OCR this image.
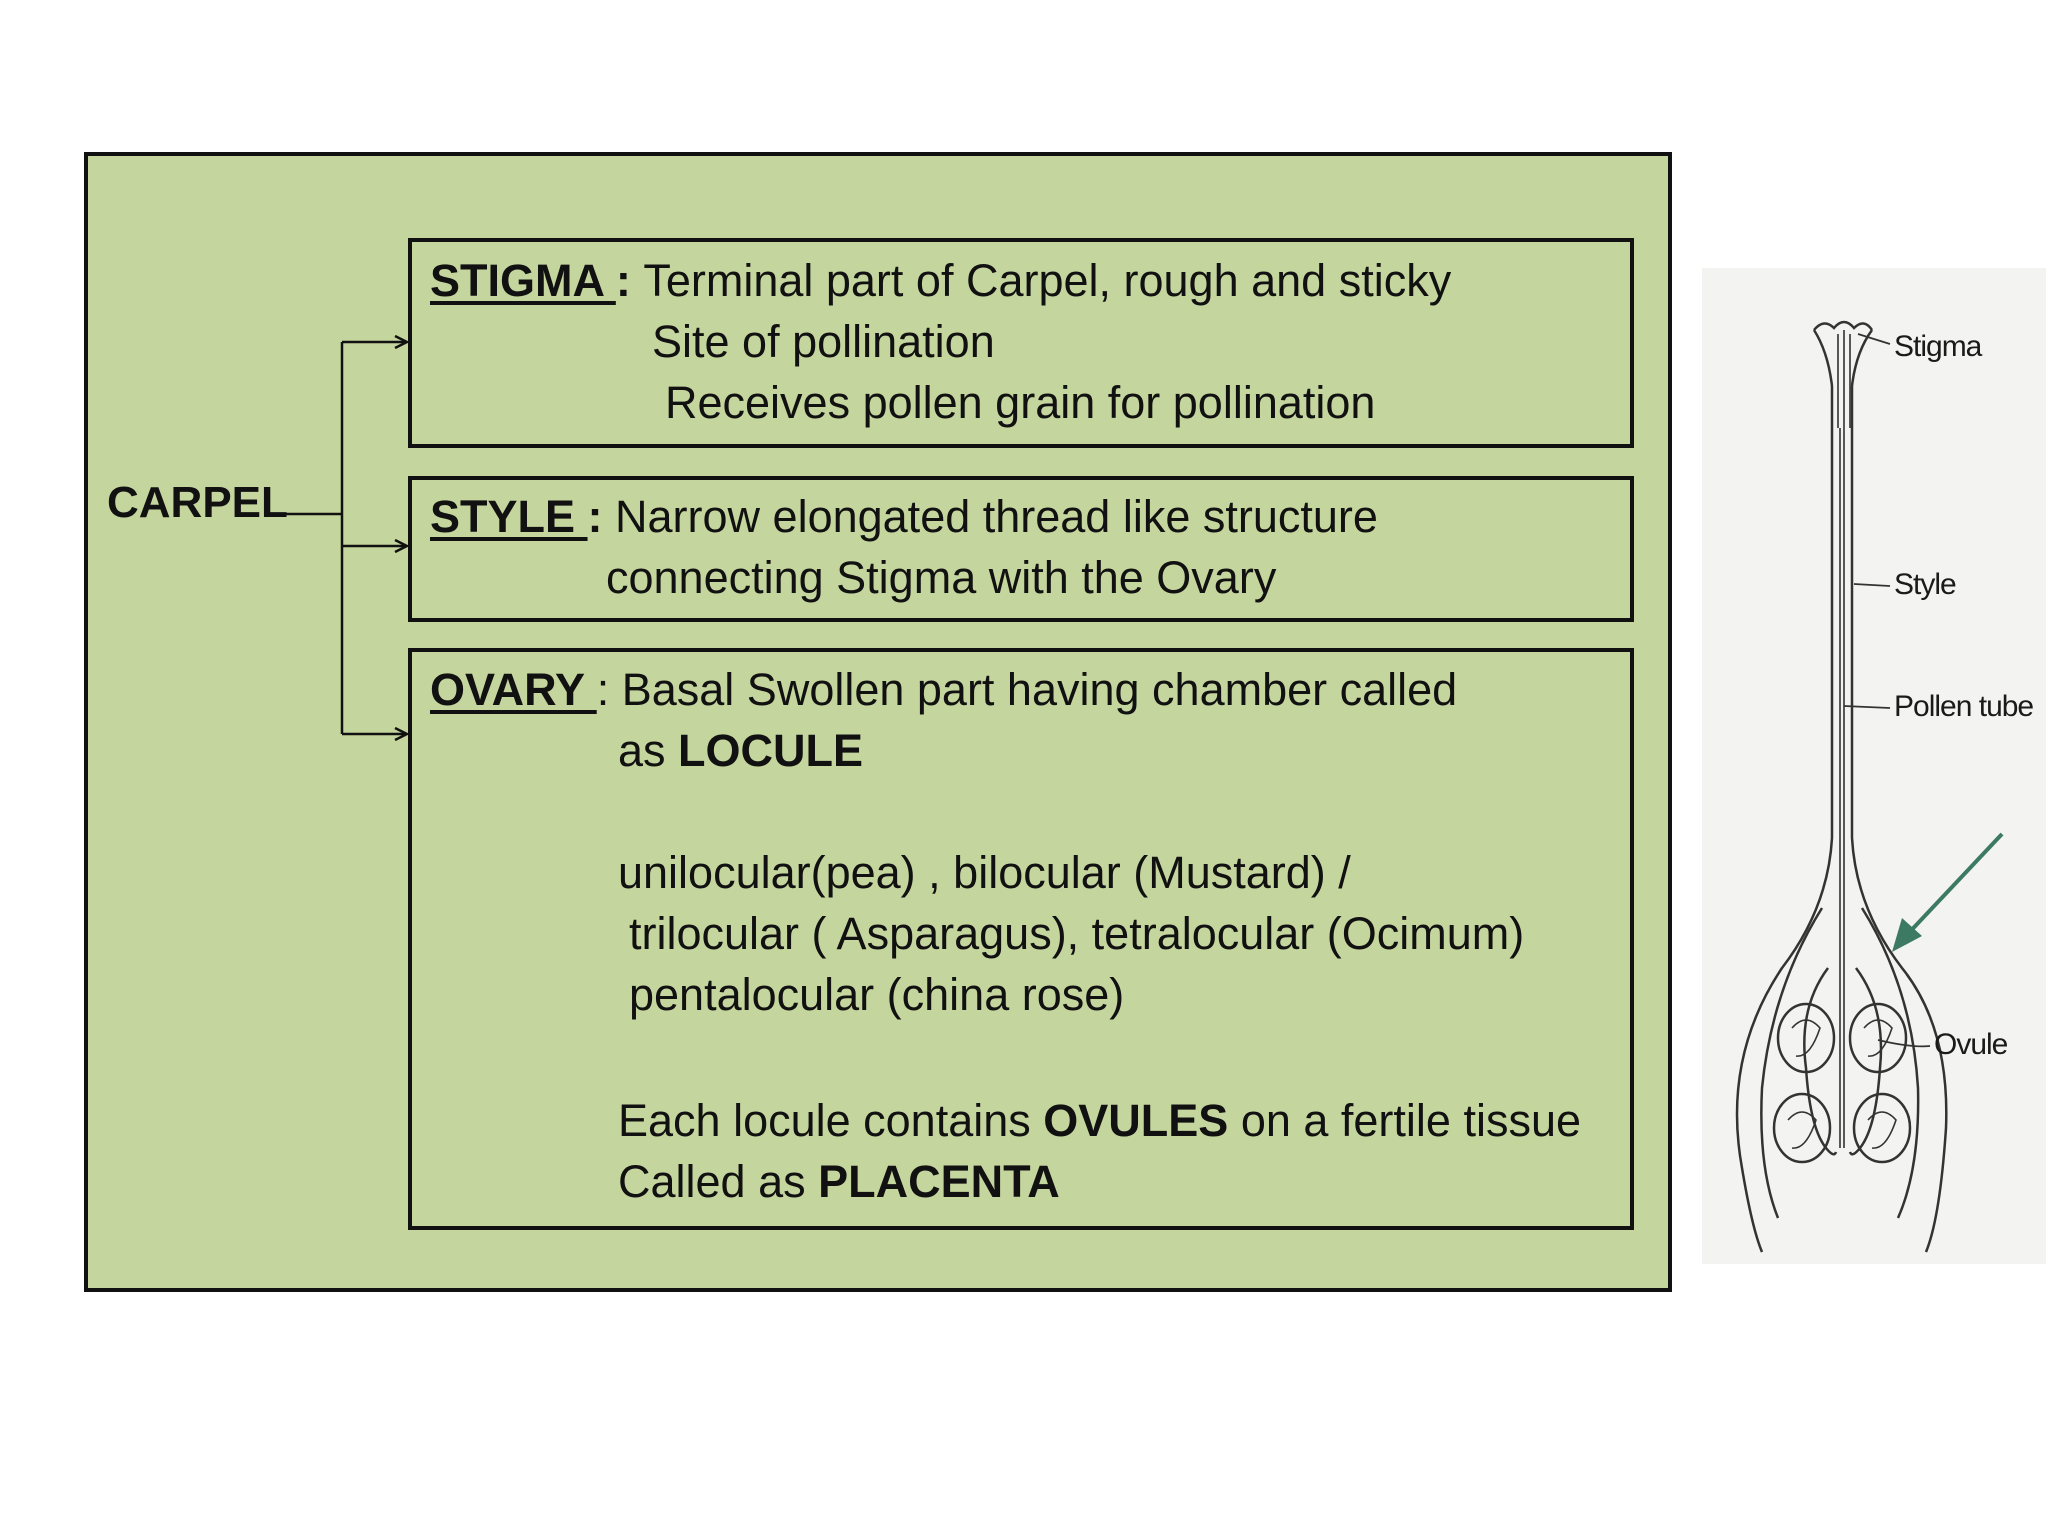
CARPEL
STIGMA : Terminal part of Carpel, rough and sticky
Site of pollination
Receives pollen grain for pollination
STYLE : Narrow elongated thread like structure
connecting Stigma with the Ovary
OVARY : Basal Swollen part having chamber called
as LOCULE
unilocular(pea) , bilocular (Mustard) /
trilocular ( Asparagus), tetralocular (Ocimum)
pentalocular (china rose)
Each locule contains OVULES on a fertile tissue
Called as PLACENTA
Stigma
Style
Pollen tube
Ovule
